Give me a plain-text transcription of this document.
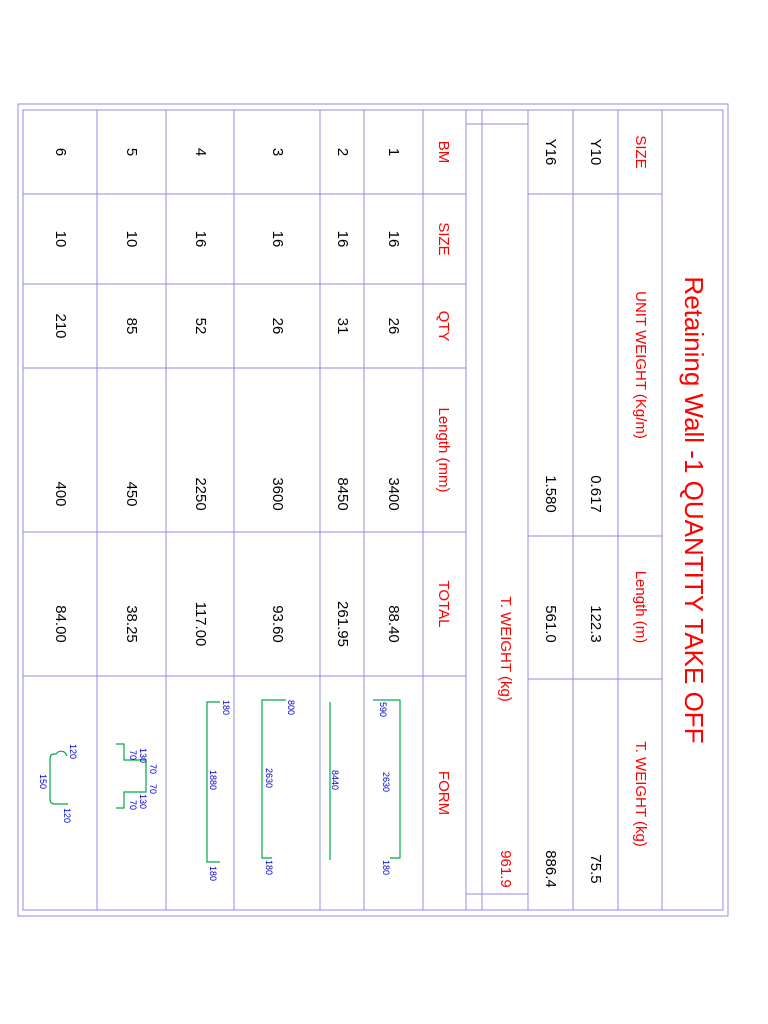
Retaining Wall -1 QUANTITY TAKE OFF
SIZE
UNIT WEIGHT (Kg/m)
Length (m)
T. WEIGHT (kg)
Y10
0.617
122.3
75.5
Y16
1.580
561.0
886.4
T. WEIGHT (kg)
961.9
BM
SIZE
QTY
Length (mm)
TOTAL
FORM
1
16
26
3400
88.40
2
16
31
8450
261.95
3
16
26
3600
93.60
4
16
52
2250
117.00
5
10
85
450
38.25
6
10
210
400
84.00
590
2630
180
8440
800
2630
180
180
1880
180
70 130
70
70
130
70
120
150
120
